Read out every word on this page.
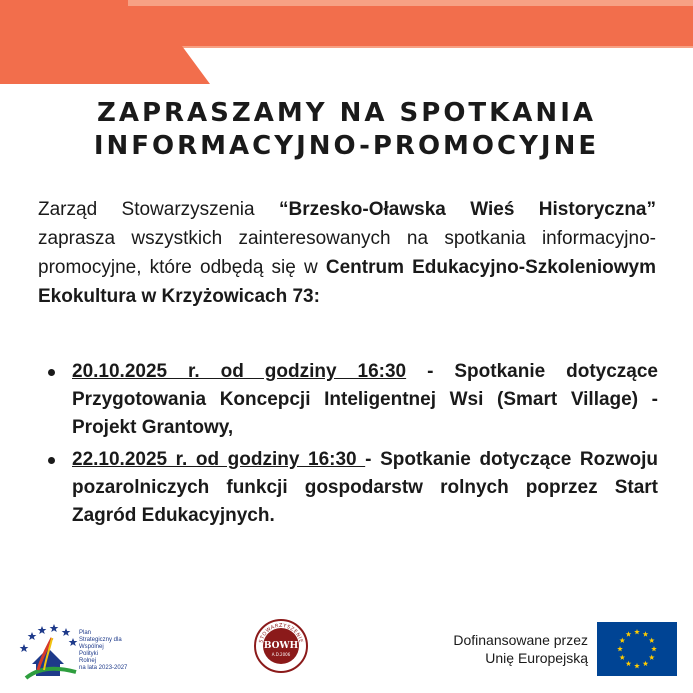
ZAPRASZAMY NA SPOTKANIA
INFORMACYJNO-PROMOCYJNE

Zarząd Stowarzyszenia “Brzesko-Oławska Wieś Historyczna” zaprasza wszystkich zainteresowanych na spotkania informacyjno-promocyjne, które odbędą się w Centrum Edukacyjno-Szkoleniowym Ekokultura w Krzyżowicach 73:

20.10.2025 r. od godziny 16:30 - Spotkanie dotyczące Przygotowania Koncepcji Inteligentnej Wsi (Smart Village) - Projekt Grantowy,
22.10.2025 r. od godziny 16:30 - Spotkanie dotyczące Rozwoju pozarolniczych funkcji gospodarstw rolnych poprzez Start Zagród Edukacyjnych.
Plan
Strategiczny dla
Wspólnej
Polityki
Rolnej
na lata 2023-2027
STOWARZYSZENIE
BOWH
A.D.2006
Dofinansowane przez
Unię Europejską
